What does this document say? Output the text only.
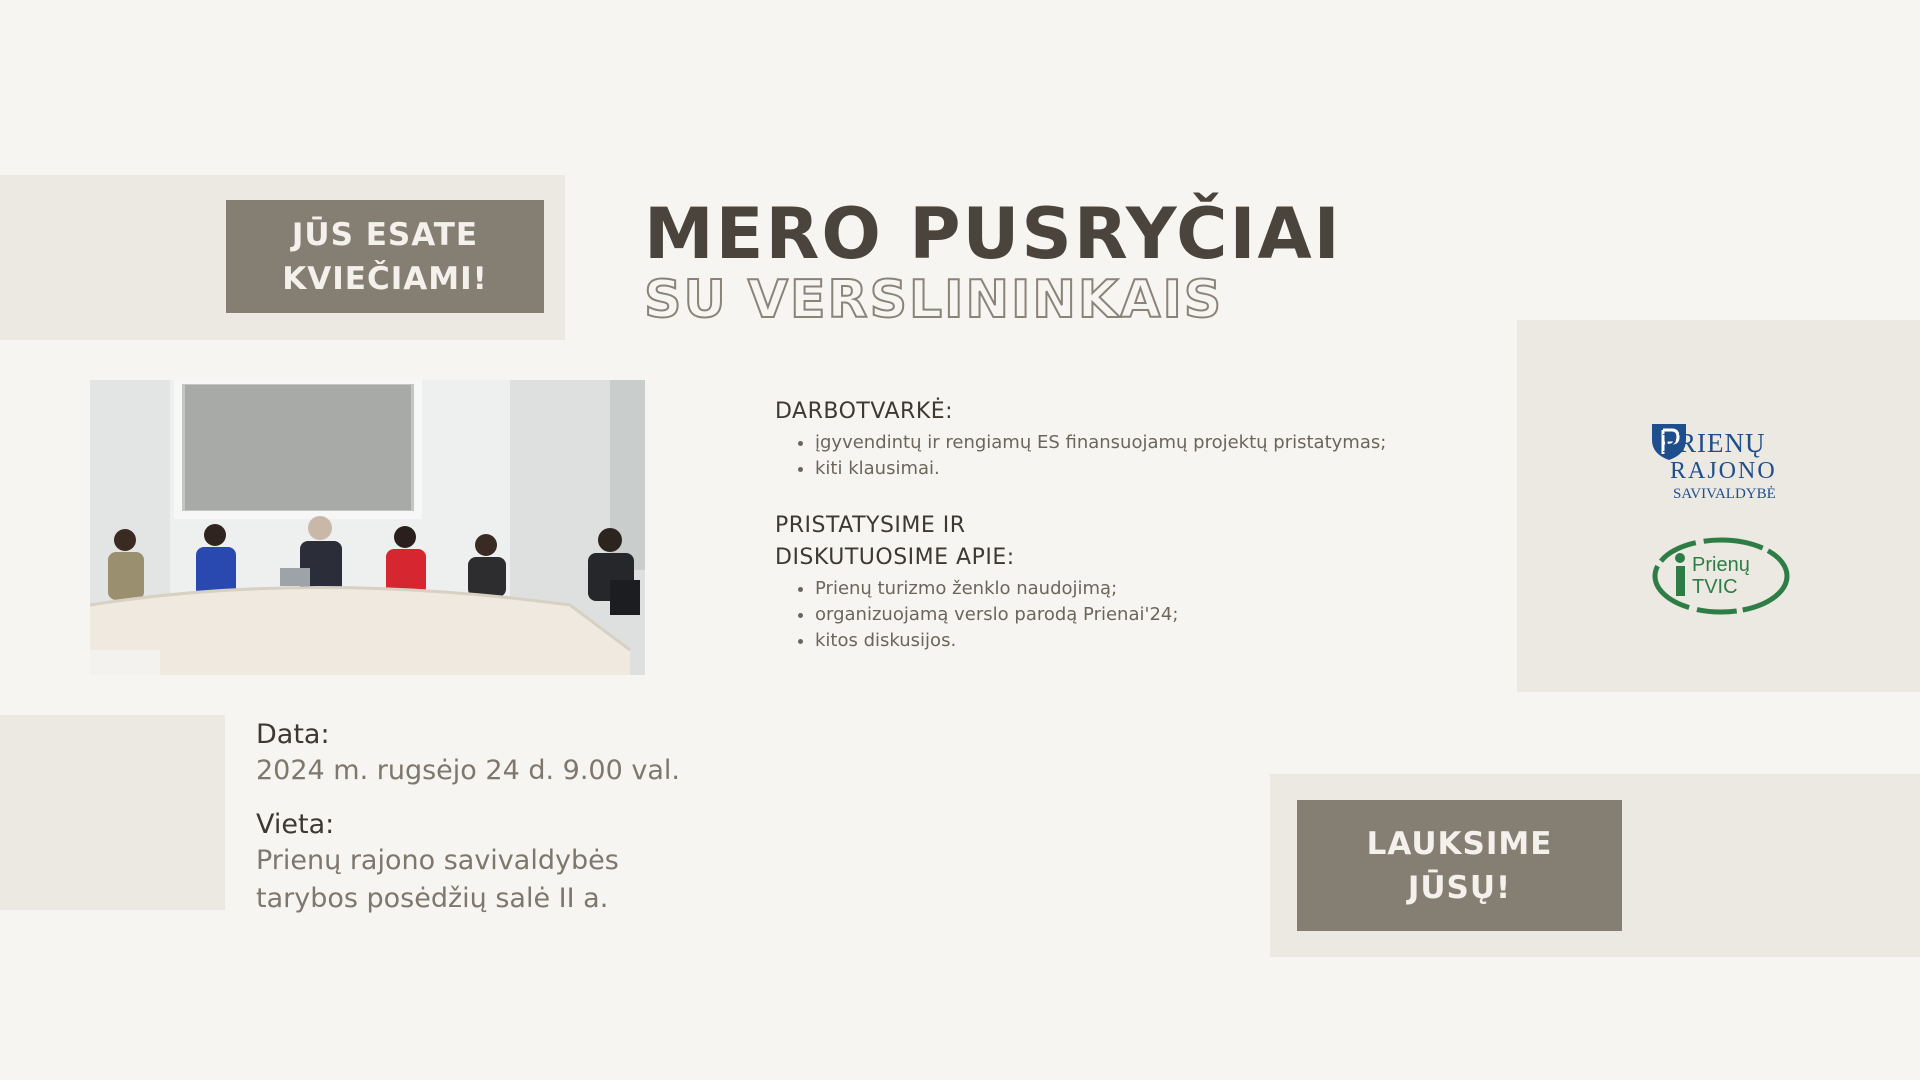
JŪS ESATE
KVIEČIAMI!
MERO PUSRYČIAI
SU VERSLININKAIS
DARBOTVARKĖ:
• įgyvendintų ir rengiamų ES finansuojamų projektų pristatymas;
• kiti klausimai.
PRISTATYSIME IR
DISKUTUOSIME APIE:
• Prienų turizmo ženklo naudojimą;
• organizuojamą verslo parodą Prienai'24;
• kitos diskusijos.
Data:
2024 m. rugsėjo 24 d. 9.00 val.
Vieta:
Prienų rajono savivaldybės
tarybos posėdžių salė II a.
LAUKSIME
JŪSŲ!
PRIENŲ
RAJONO
SAVIVALDYBĖ
Prienų
TVIC
